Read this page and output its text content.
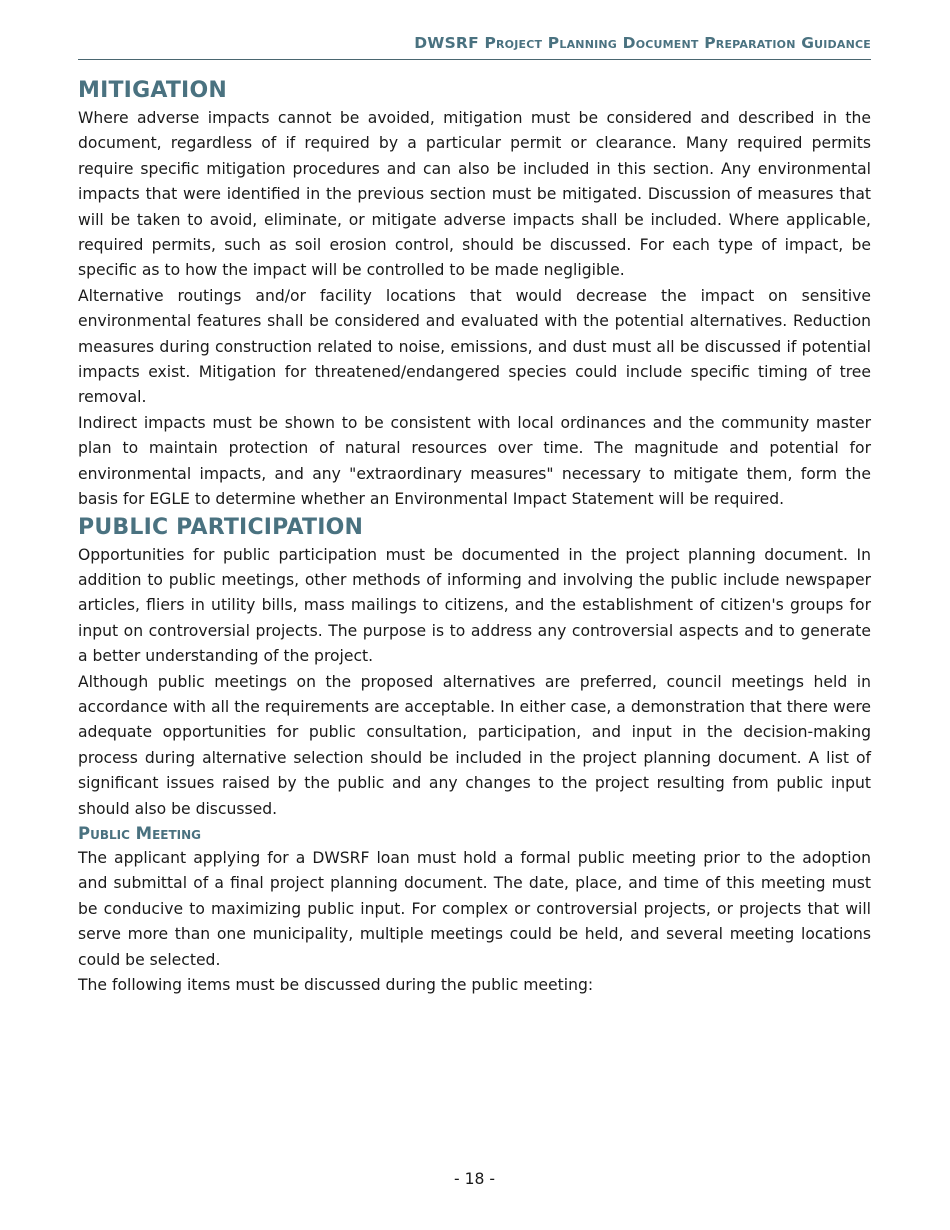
DWSRF Project Planning Document Preparation Guidance
MITIGATION

Where adverse impacts cannot be avoided, mitigation must be considered and described in the document, regardless of if required by a particular permit or clearance. Many required permits require specific mitigation procedures and can also be included in this section. Any environmental impacts that were identified in the previous section must be mitigated. Discussion of measures that will be taken to avoid, eliminate, or mitigate adverse impacts shall be included. Where applicable, required permits, such as soil erosion control, should be discussed. For each type of impact, be specific as to how the impact will be controlled to be made negligible.

Alternative routings and/or facility locations that would decrease the impact on sensitive environmental features shall be considered and evaluated with the potential alternatives. Reduction measures during construction related to noise, emissions, and dust must all be discussed if potential impacts exist. Mitigation for threatened/endangered species could include specific timing of tree removal.

Indirect impacts must be shown to be consistent with local ordinances and the community master plan to maintain protection of natural resources over time. The magnitude and potential for environmental impacts, and any "extraordinary measures" necessary to mitigate them, form the basis for EGLE to determine whether an Environmental Impact Statement will be required.

PUBLIC PARTICIPATION

Opportunities for public participation must be documented in the project planning document. In addition to public meetings, other methods of informing and involving the public include newspaper articles, fliers in utility bills, mass mailings to citizens, and the establishment of citizen's groups for input on controversial projects. The purpose is to address any controversial aspects and to generate a better understanding of the project.

Although public meetings on the proposed alternatives are preferred, council meetings held in accordance with all the requirements are acceptable. In either case, a demonstration that there were adequate opportunities for public consultation, participation, and input in the decision-making process during alternative selection should be included in the project planning document. A list of significant issues raised by the public and any changes to the project resulting from public input should also be discussed.

Public Meeting

The applicant applying for a DWSRF loan must hold a formal public meeting prior to the adoption and submittal of a final project planning document. The date, place, and time of this meeting must be conducive to maximizing public input. For complex or controversial projects, or projects that will serve more than one municipality, multiple meetings could be held, and several meeting locations could be selected.

The following items must be discussed during the public meeting:

- 18 -
